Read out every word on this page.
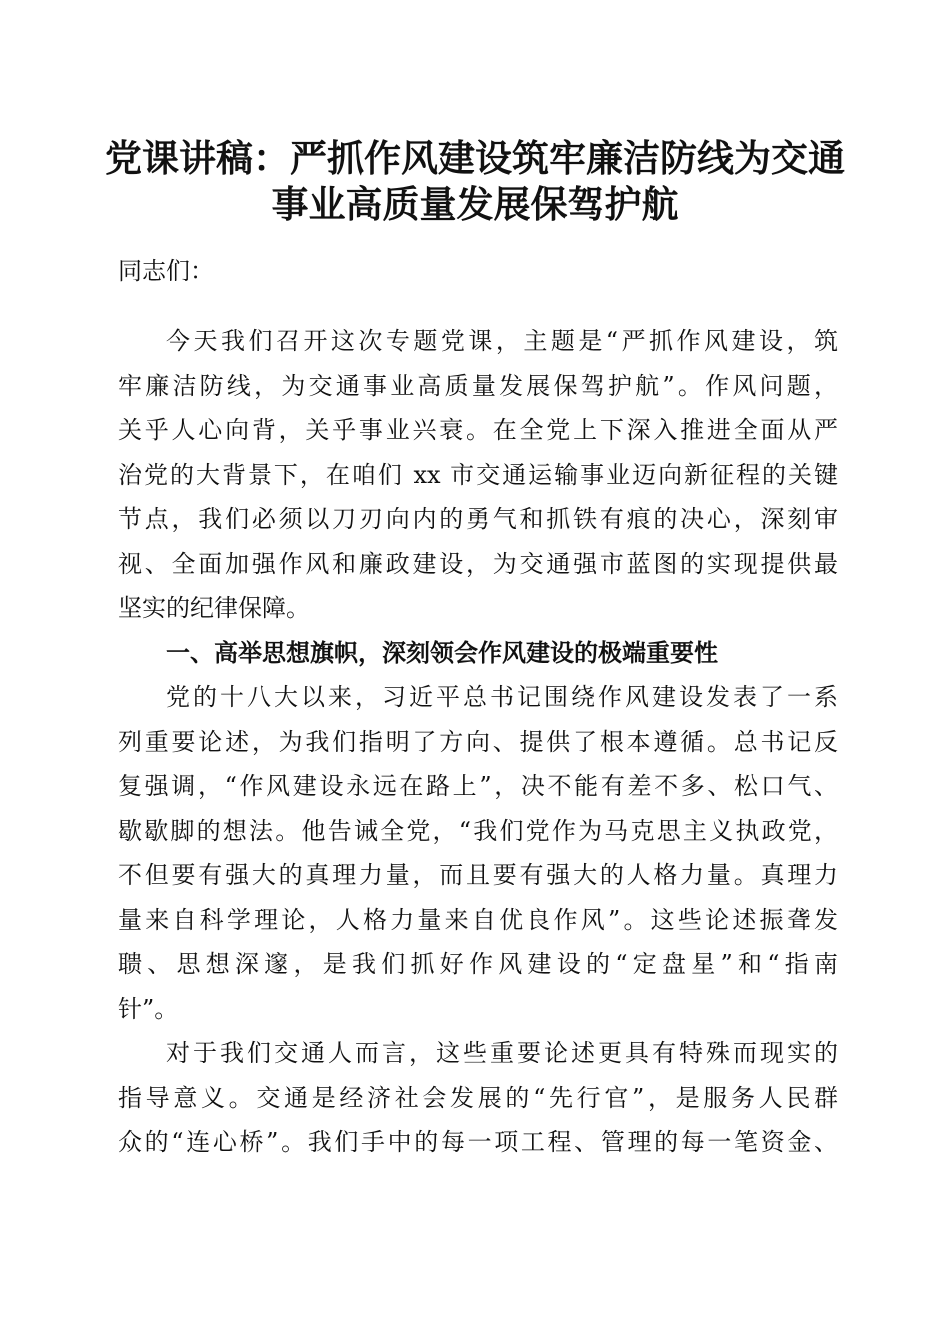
党课讲稿：严抓作风建设筑牢廉洁防线为交通
事业高质量发展保驾护航
同志们：
今天我们召开这次专题党课，主题是“严抓作风建设，筑
牢廉洁防线，为交通事业高质量发展保驾护航”。作风问题，
关乎人心向背，关乎事业兴衰。在全党上下深入推进全面从严
治党的大背景下，在咱们 xx 市交通运输事业迈向新征程的关键
节点，我们必须以刀刃向内的勇气和抓铁有痕的决心，深刻审
视、全面加强作风和廉政建设，为交通强市蓝图的实现提供最
坚实的纪律保障。
一、高举思想旗帜，深刻领会作风建设的极端重要性
党的十八大以来，习近平总书记围绕作风建设发表了一系
列重要论述，为我们指明了方向、提供了根本遵循。总书记反
复强调，“作风建设永远在路上”，决不能有差不多、松口气、
歇歇脚的想法。他告诫全党，“我们党作为马克思主义执政党，
不但要有强大的真理力量，而且要有强大的人格力量。真理力
量来自科学理论，人格力量来自优良作风”。这些论述振聋发
聩、思想深邃，是我们抓好作风建设的“定盘星”和“指南
针”。
对于我们交通人而言，这些重要论述更具有特殊而现实的
指导意义。交通是经济社会发展的“先行官”，是服务人民群
众的“连心桥”。我们手中的每一项工程、管理的每一笔资金、
